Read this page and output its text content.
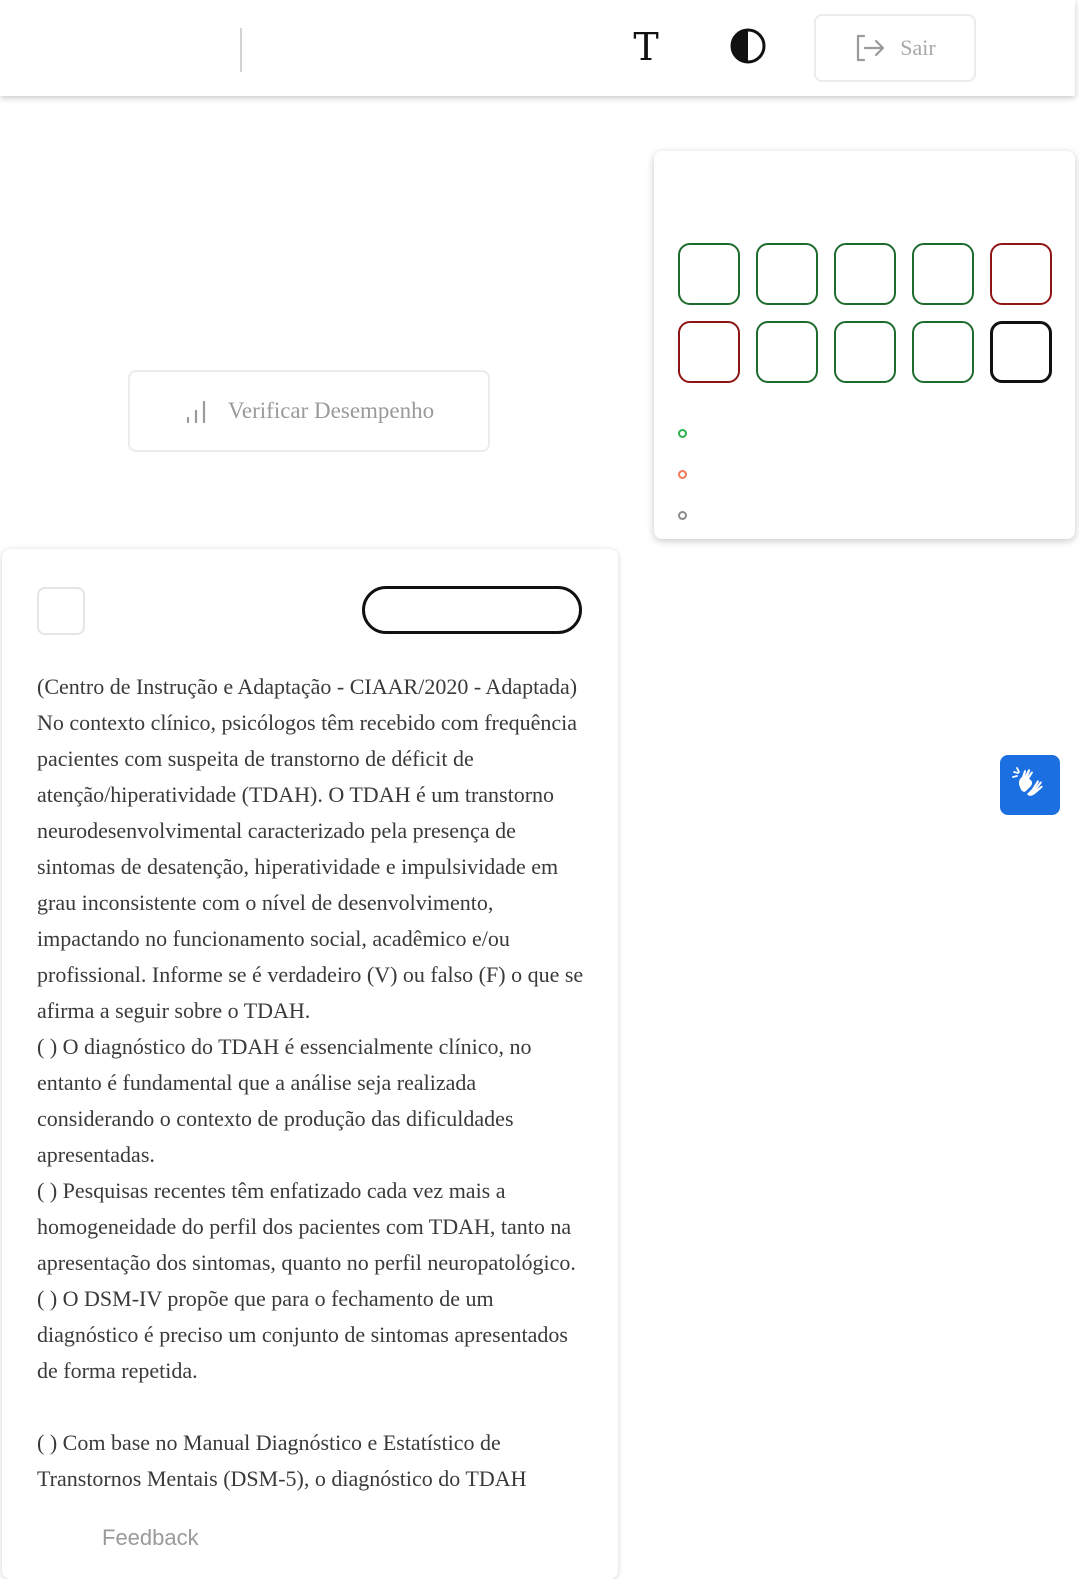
T	Sair
Verificar Desempenho

(Centro de Instrução e Adaptação - CIAAR/2020 - Adaptada) No contexto clínico, psicólogos têm recebido com frequência pacientes com suspeita de transtorno de déficit de atenção/hiperatividade (TDAH). O TDAH é um transtorno neurodesenvolvimental caracterizado pela presença de sintomas de desatenção, hiperatividade e impulsividade em grau inconsistente com o nível de desenvolvimento, impactando no funcionamento social, acadêmico e/ou profissional. Informe se é verdadeiro (V) ou falso (F) o que se afirma a seguir sobre o TDAH.

( ) O diagnóstico do TDAH é essencialmente clínico, no entanto é fundamental que a análise seja realizada considerando o contexto de produção das dificuldades apresentadas.

( ) Pesquisas recentes têm enfatizado cada vez mais a homogeneidade do perfil dos pacientes com TDAH, tanto na apresentação dos sintomas, quanto no perfil neuropatológico.

( ) O DSM-IV propõe que para o fechamento de um diagnóstico é preciso um conjunto de sintomas apresentados de forma repetida.

( ) Com base no Manual Diagnóstico e Estatístico de Transtornos Mentais (DSM-5), o diagnóstico do TDAH

Feedback
